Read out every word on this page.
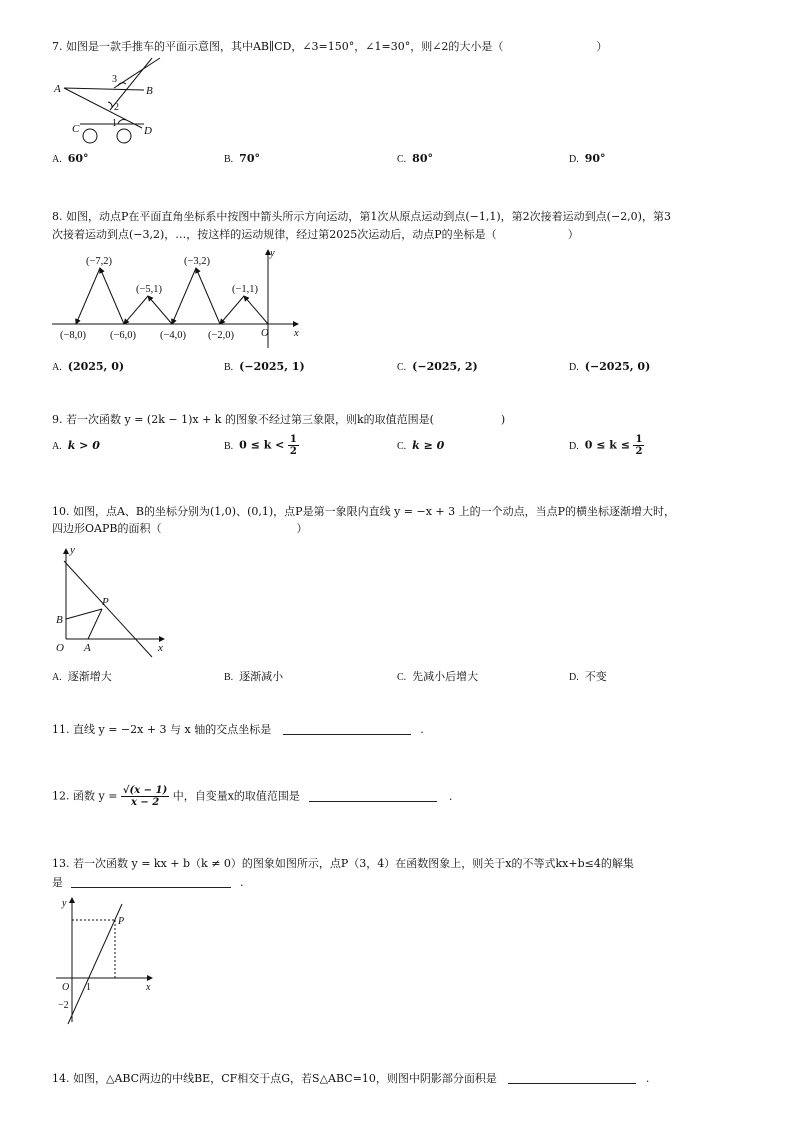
7. 如图是一款手推车的平面示意图，其中AB∥CD，∠3=150°，∠1=30°，则∠2的大小是（	）
A	B
C	D
1
2
3
A. 60°	B. 70°	C. 80°	D. 90°
8. 如图，动点P在平面直角坐标系中按图中箭头所示方向运动，第1次从原点运动到点(−1,1)，第2次接着运动到点(−2,0)，第3
次接着运动到点(−3,2)，…，按这样的运动规律，经过第2025次运动后，动点P的坐标是（	）
(−7,2)
(−5,1)
(−3,2)
(−1,1)
(−8,0) (−6,0) (−4,0) (−2,0)	O x
y
A. (2025, 0)	B. (−2025, 1)	C. (−2025, 2)	D. (−2025, 0)
9. 若一次函数 y = (2k − 1)x + k 的图象不经过第三象限，则k的取值范围是(	)
A. k > 0	B. $0 \le k < \frac{1}{2}$	C. k ≥ 0	D. $0 \le k \le \frac{1}{2}$
10. 如图，点A、B的坐标分别为(1,0)、(0,1)，点P是第一象限内直线 y = −x + 3 上的一个动点，当点P的横坐标逐渐增大时，
四边形OAPB的面积（	）
y
x
O A
B
P
A. 逐渐增大	B. 逐渐减小	C. 先减小后增大	D. 不变
11. 直线 y = −2x + 3 与 x 轴的交点坐标是	.
12. 函数 $y = \frac{√(x - 1)}{x - 2}$ 中，自变量x的取值范围是	.
13. 若一次函数 y = kx + b（k ≠ 0）的图象如图所示，点P（3，4）在函数图象上，则关于x的不等式kx+b≤4的解集
是	.
y
x
O 1
−2
P
14. 如图，△ABC两边的中线BE，CF相交于点G，若S△ABC=10，则图中阴影部分面积是	.
